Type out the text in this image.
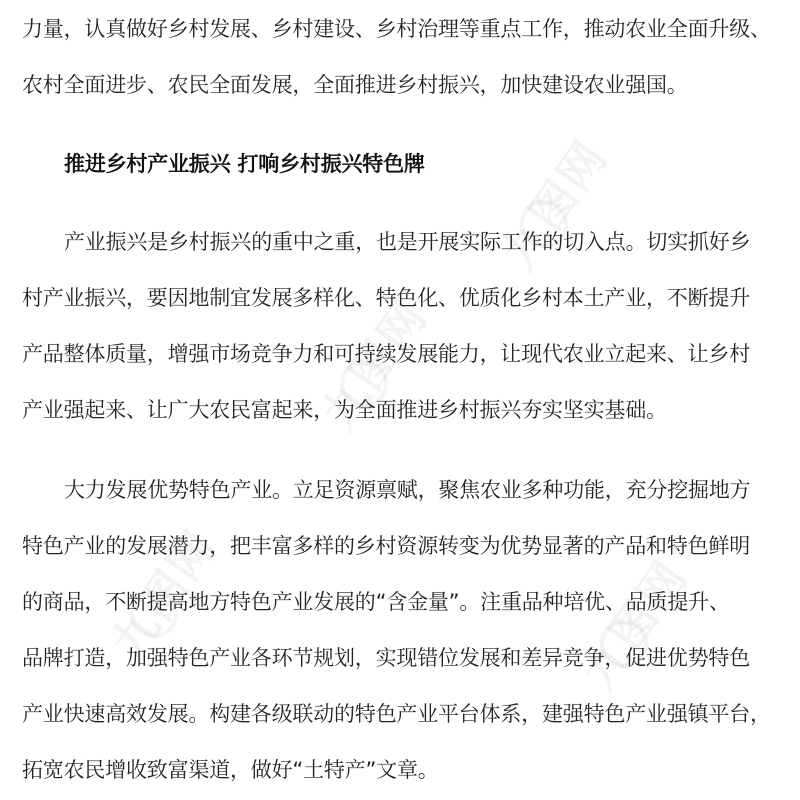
九图网
九图网
九图网	九图网
力量，认真做好乡村发展、乡村建设、乡村治理等重点工作，推动农业全面升级、
农村全面进步、农民全面发展，全面推进乡村振兴，加快建设农业强国。
推进乡村产业振兴 打响乡村振兴特色牌
产业振兴是乡村振兴的重中之重，也是开展实际工作的切入点。切实抓好乡
村产业振兴，要因地制宜发展多样化、特色化、优质化乡村本土产业，不断提升
产品整体质量，增强市场竞争力和可持续发展能力，让现代农业立起来、让乡村
产业强起来、让广大农民富起来，为全面推进乡村振兴夯实坚实基础。
大力发展优势特色产业。立足资源禀赋，聚焦农业多种功能，充分挖掘地方
特色产业的发展潜力，把丰富多样的乡村资源转变为优势显著的产品和特色鲜明
的商品，不断提高地方特色产业发展的“含金量”。注重品种培优、品质提升、
品牌打造，加强特色产业各环节规划，实现错位发展和差异竞争，促进优势特色
产业快速高效发展。构建各级联动的特色产业平台体系，建强特色产业强镇平台，
拓宽农民增收致富渠道，做好“土特产”文章。
